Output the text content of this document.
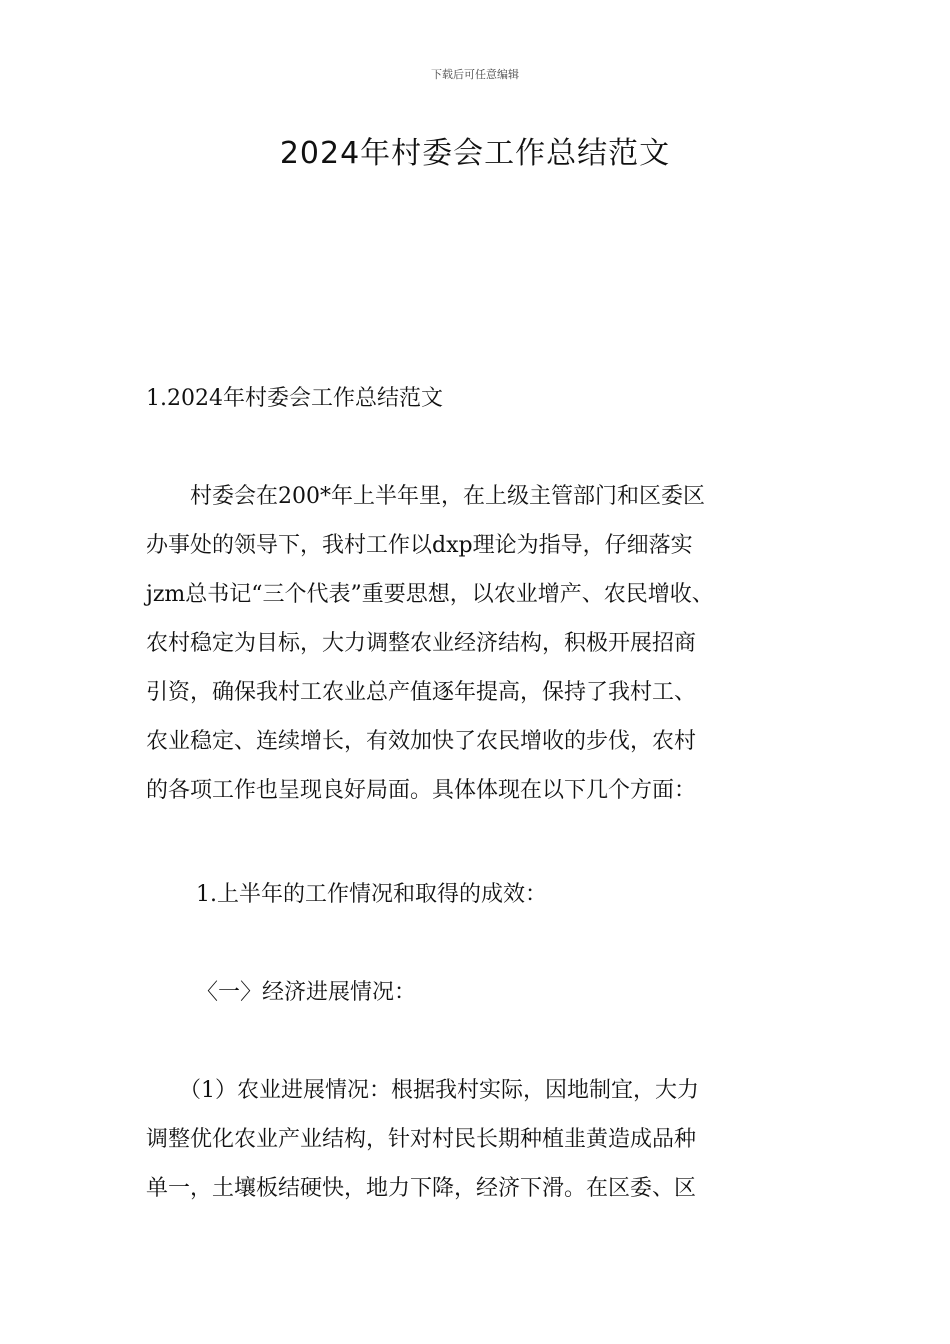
下载后可任意编辑
2024年村委会工作总结范文

1.2024年村委会工作总结范文

　　村委会在200*年上半年里，在上级主管部门和区委区
办事处的领导下，我村工作以dxp理论为指导，仔细落实
jzm总书记“三个代表”重要思想，以农业增产、农民增收、
农村稳定为目标，大力调整农业经济结构，积极开展招商
引资，确保我村工农业总产值逐年提高，保持了我村工、
农业稳定、连续增长，有效加快了农民增收的步伐，农村
的各项工作也呈现良好局面。具体体现在以下几个方面：

1.上半年的工作情况和取得的成效：

〈一〉经济进展情况：

　　（1）农业进展情况：根据我村实际，因地制宜，大力
调整优化农业产业结构，针对村民长期种植韭黄造成品种
单一，土壤板结硬快，地力下降，经济下滑。在区委、区
